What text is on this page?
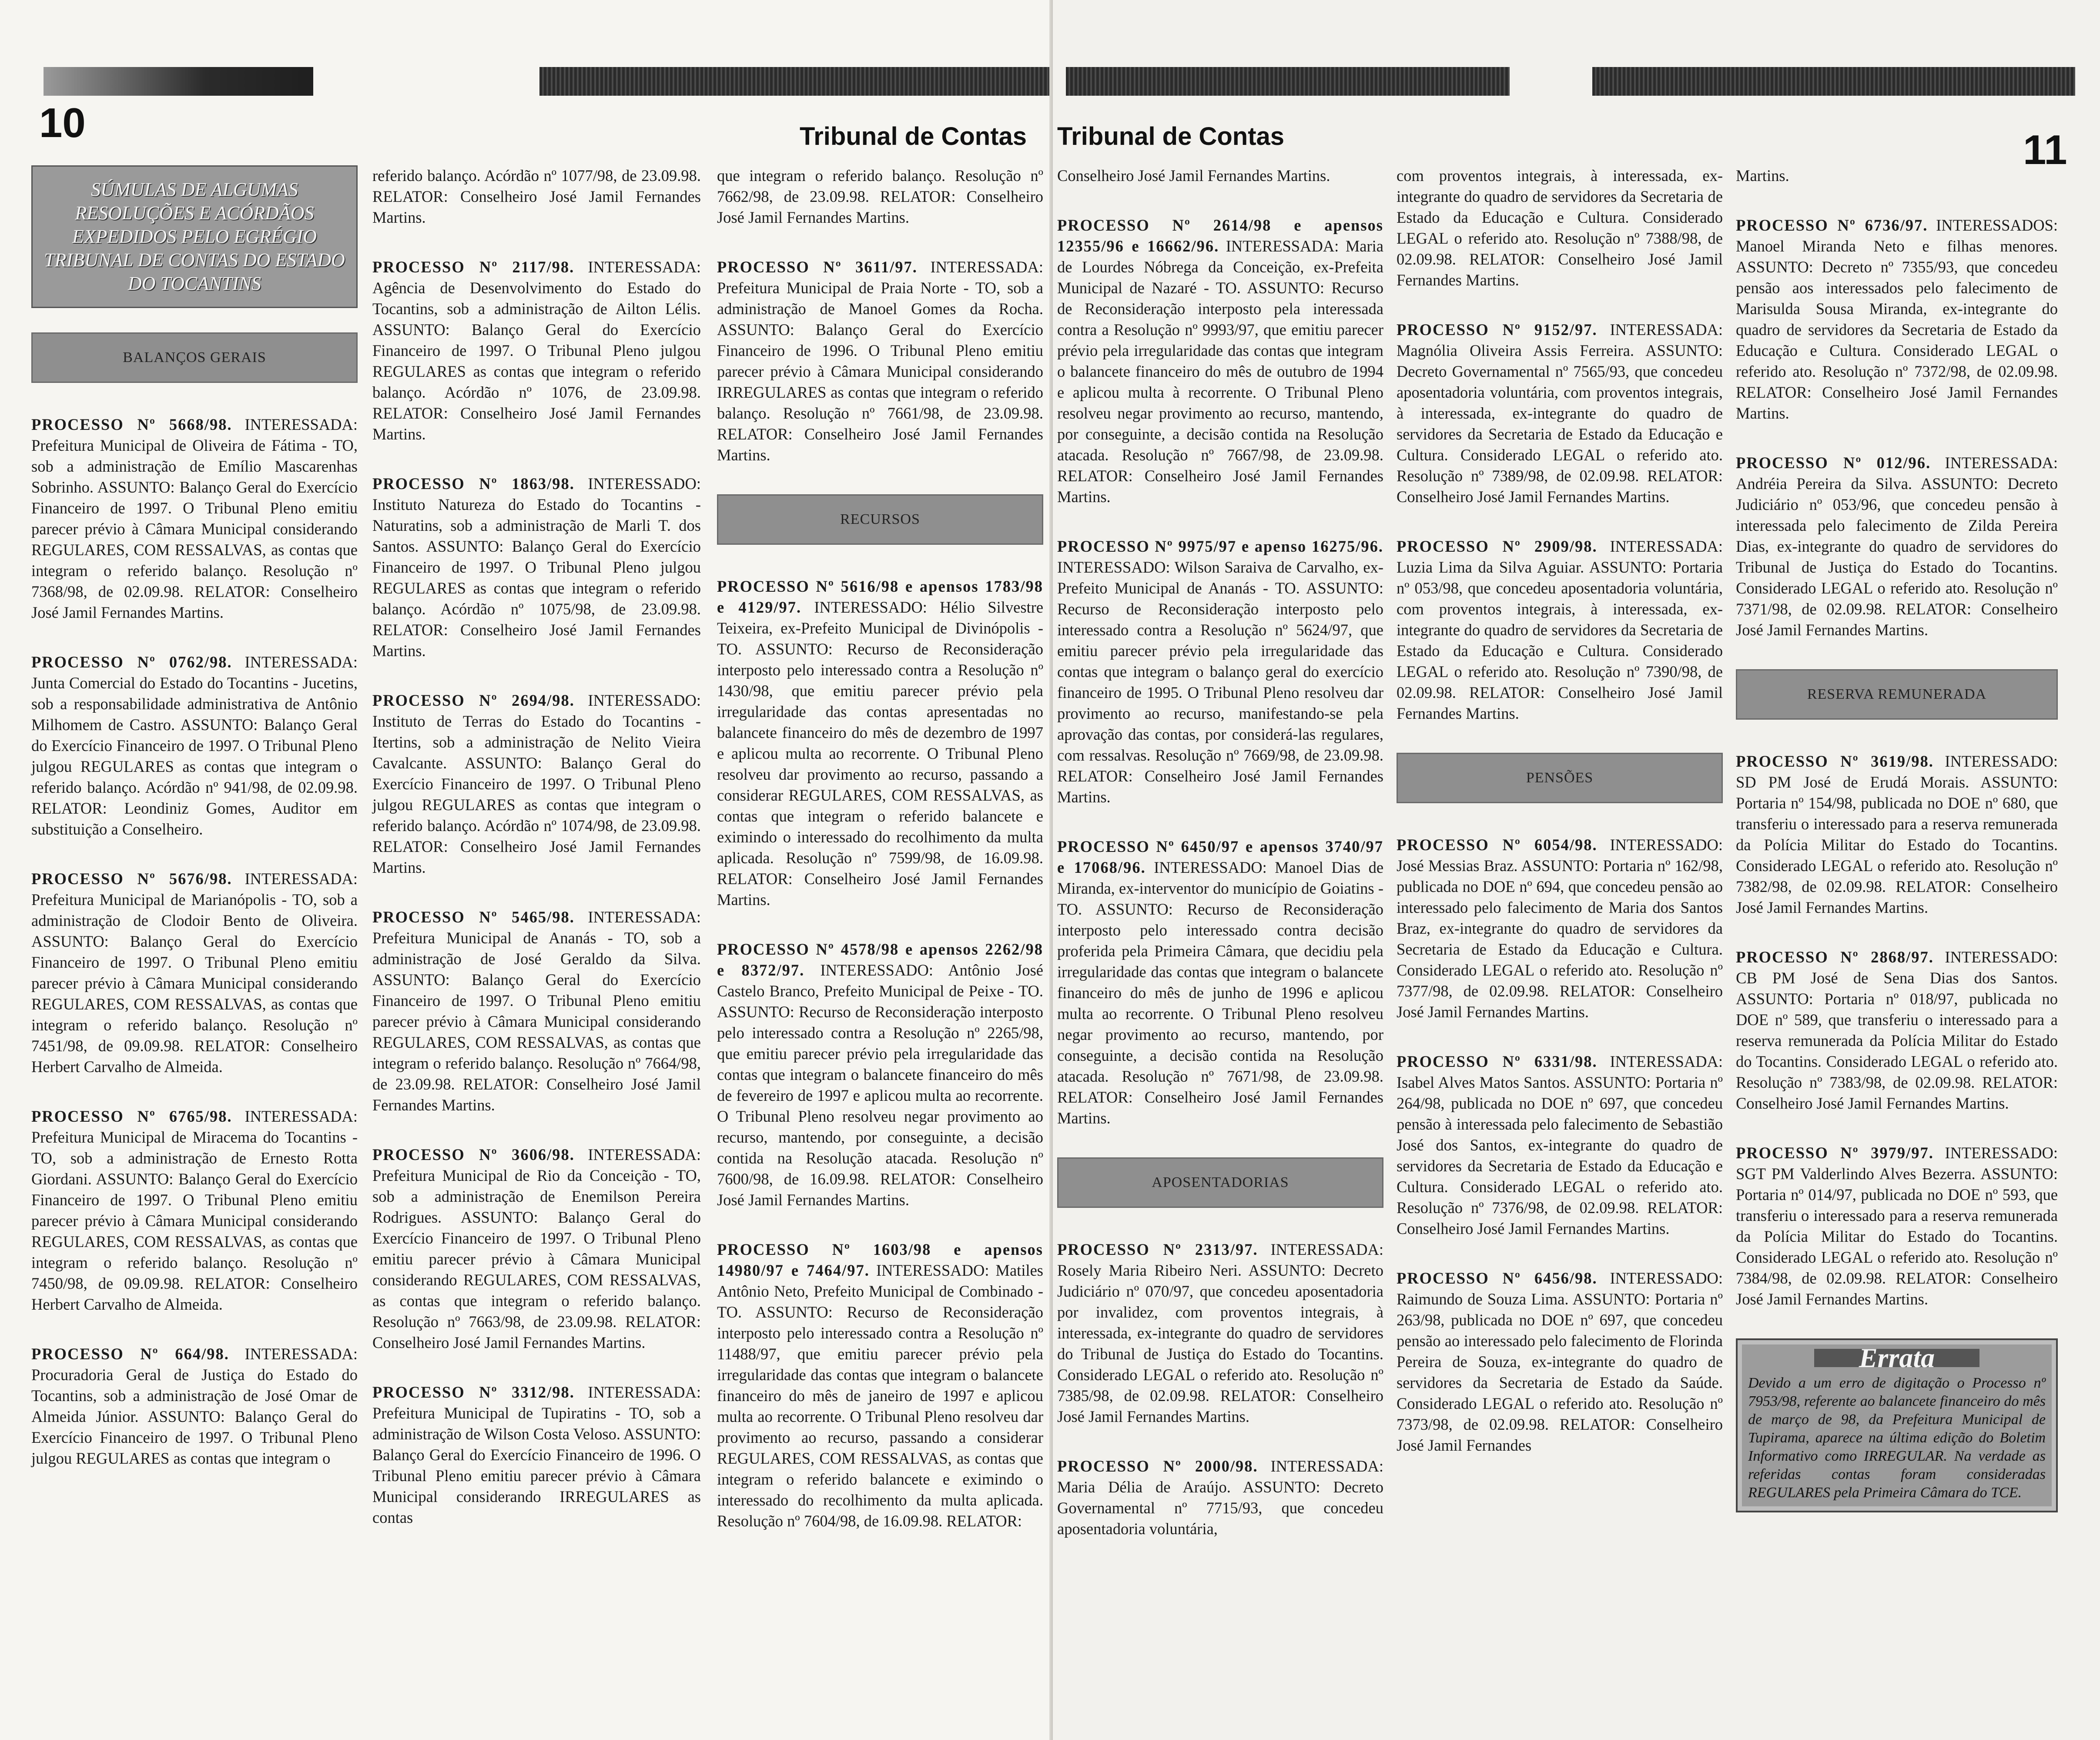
10	Tribunal de Contas
SÚMULAS DE ALGUMAS RESOLUÇÕES E ACÓRDÃOS EXPEDIDOS PELO EGRÉGIO TRIBUNAL DE CONTAS DO ESTADO DO TOCANTINS
BALANÇOS GERAIS

PROCESSO Nº 5668/98. INTERESSADA: Prefeitura Municipal de Oliveira de Fátima - TO, sob a administração de Emílio Mascarenhas Sobrinho. ASSUNTO: Balanço Geral do Exercício Financeiro de 1997. O Tribunal Pleno emitiu parecer prévio à Câmara Municipal considerando REGULARES, COM RESSALVAS, as contas que integram o referido balanço. Resolução nº 7368/98, de 02.09.98. RELATOR: Conselheiro José Jamil Fernandes Martins.

PROCESSO Nº 0762/98. INTERESSADA: Junta Comercial do Estado do Tocantins - Jucetins, sob a responsabilidade administrativa de Antônio Milhomem de Castro. ASSUNTO: Balanço Geral do Exercício Financeiro de 1997. O Tribunal Pleno julgou REGULARES as contas que integram o referido balanço. Acórdão nº 941/98, de 02.09.98. RELATOR: Leondiniz Gomes, Auditor em substituição a Conselheiro.

PROCESSO Nº 5676/98. INTERESSADA: Prefeitura Municipal de Marianópolis - TO, sob a administração de Clodoir Bento de Oliveira. ASSUNTO: Balanço Geral do Exercício Financeiro de 1997. O Tribunal Pleno emitiu parecer prévio à Câmara Municipal considerando REGULARES, COM RESSALVAS, as contas que integram o referido balanço. Resolução nº 7451/98, de 09.09.98. RELATOR: Conselheiro Herbert Carvalho de Almeida.

PROCESSO Nº 6765/98. INTERESSADA: Prefeitura Municipal de Miracema do Tocantins - TO, sob a administração de Ernesto Rotta Giordani. ASSUNTO: Balanço Geral do Exercício Financeiro de 1997. O Tribunal Pleno emitiu parecer prévio à Câmara Municipal considerando REGULARES, COM RESSALVAS, as contas que integram o referido balanço. Resolução nº 7450/98, de 09.09.98. RELATOR: Conselheiro Herbert Carvalho de Almeida.

PROCESSO Nº 664/98. INTERESSADA: Procuradoria Geral de Justiça do Estado do Tocantins, sob a administração de José Omar de Almeida Júnior. ASSUNTO: Balanço Geral do Exercício Financeiro de 1997. O Tribunal Pleno julgou REGULARES as contas que integram o

referido balanço. Acórdão nº 1077/98, de 23.09.98. RELATOR: Conselheiro José Jamil Fernandes Martins.

PROCESSO Nº 2117/98. INTERESSADA: Agência de Desenvolvimento do Estado do Tocantins, sob a administração de Ailton Lélis. ASSUNTO: Balanço Geral do Exercício Financeiro de 1997. O Tribunal Pleno julgou REGULARES as contas que integram o referido balanço. Acórdão nº 1076, de 23.09.98. RELATOR: Conselheiro José Jamil Fernandes Martins.

PROCESSO Nº 1863/98. INTERESSADO: Instituto Natureza do Estado do Tocantins - Naturatins, sob a administração de Marli T. dos Santos. ASSUNTO: Balanço Geral do Exercício Financeiro de 1997. O Tribunal Pleno julgou REGULARES as contas que integram o referido balanço. Acórdão nº 1075/98, de 23.09.98. RELATOR: Conselheiro José Jamil Fernandes Martins.

PROCESSO Nº 2694/98. INTERESSADO: Instituto de Terras do Estado do Tocantins - Itertins, sob a administração de Nelito Vieira Cavalcante. ASSUNTO: Balanço Geral do Exercício Financeiro de 1997. O Tribunal Pleno julgou REGULARES as contas que integram o referido balanço. Acórdão nº 1074/98, de 23.09.98. RELATOR: Conselheiro José Jamil Fernandes Martins.

PROCESSO Nº 5465/98. INTERESSADA: Prefeitura Municipal de Ananás - TO, sob a administração de José Geraldo da Silva. ASSUNTO: Balanço Geral do Exercício Financeiro de 1997. O Tribunal Pleno emitiu parecer prévio à Câmara Municipal considerando REGULARES, COM RESSALVAS, as contas que integram o referido balanço. Resolução nº 7664/98, de 23.09.98. RELATOR: Conselheiro José Jamil Fernandes Martins.

PROCESSO Nº 3606/98. INTERESSADA: Prefeitura Municipal de Rio da Conceição - TO, sob a administração de Enemilson Pereira Rodrigues. ASSUNTO: Balanço Geral do Exercício Financeiro de 1997. O Tribunal Pleno emitiu parecer prévio à Câmara Municipal considerando REGULARES, COM RESSALVAS, as contas que integram o referido balanço. Resolução nº 7663/98, de 23.09.98. RELATOR: Conselheiro José Jamil Fernandes Martins.

PROCESSO Nº 3312/98. INTERESSADA: Prefeitura Municipal de Tupiratins - TO, sob a administração de Wilson Costa Veloso. ASSUNTO: Balanço Geral do Exercício Financeiro de 1996. O Tribunal Pleno emitiu parecer prévio à Câmara Municipal considerando IRREGULARES as contas

que integram o referido balanço. Resolução nº 7662/98, de 23.09.98. RELATOR: Conselheiro José Jamil Fernandes Martins.

PROCESSO Nº 3611/97. INTERESSADA: Prefeitura Municipal de Praia Norte - TO, sob a administração de Manoel Gomes da Rocha. ASSUNTO: Balanço Geral do Exercício Financeiro de 1996. O Tribunal Pleno emitiu parecer prévio à Câmara Municipal considerando IRREGULARES as contas que integram o referido balanço. Resolução nº 7661/98, de 23.09.98. RELATOR: Conselheiro José Jamil Fernandes Martins.

RECURSOS

PROCESSO Nº 5616/98 e apensos 1783/98 e 4129/97. INTERESSADO: Hélio Silvestre Teixeira, ex-Prefeito Municipal de Divinópolis - TO. ASSUNTO: Recurso de Reconsideração interposto pelo interessado contra a Resolução nº 1430/98, que emitiu parecer prévio pela irregularidade das contas apresentadas no balancete financeiro do mês de dezembro de 1997 e aplicou multa ao recorrente. O Tribunal Pleno resolveu dar provimento ao recurso, passando a considerar REGULARES, COM RESSALVAS, as contas que integram o referido balancete e eximindo o interessado do recolhimento da multa aplicada. Resolução nº 7599/98, de 16.09.98. RELATOR: Conselheiro José Jamil Fernandes Martins.

PROCESSO Nº 4578/98 e apensos 2262/98 e 8372/97. INTERESSADO: Antônio José Castelo Branco, Prefeito Municipal de Peixe - TO. ASSUNTO: Recurso de Reconsideração interposto pelo interessado contra a Resolução nº 2265/98, que emitiu parecer prévio pela irregularidade das contas que integram o balancete financeiro do mês de fevereiro de 1997 e aplicou multa ao recorrente. O Tribunal Pleno resolveu negar provimento ao recurso, mantendo, por conseguinte, a decisão contida na Resolução atacada. Resolução nº 7600/98, de 16.09.98. RELATOR: Conselheiro José Jamil Fernandes Martins.

PROCESSO Nº 1603/98 e apensos 14980/97 e 7464/97. INTERESSADO: Matiles Antônio Neto, Prefeito Municipal de Combinado - TO. ASSUNTO: Recurso de Reconsideração interposto pelo interessado contra a Resolução nº 11488/97, que emitiu parecer prévio pela irregularidade das contas que integram o balancete financeiro do mês de janeiro de 1997 e aplicou multa ao recorrente. O Tribunal Pleno resolveu dar provimento ao recurso, passando a considerar REGULARES, COM RESSALVAS, as contas que integram o referido balancete e eximindo o interessado do recolhimento da multa aplicada. Resolução nº 7604/98, de 16.09.98. RELATOR:

Tribunal de Contas	11

Conselheiro José Jamil Fernandes Martins.

PROCESSO Nº 2614/98 e apensos 12355/96 e 16662/96. INTERESSADA: Maria de Lourdes Nóbrega da Conceição, ex-Prefeita Municipal de Nazaré - TO. ASSUNTO: Recurso de Reconsideração interposto pela interessada contra a Resolução nº 9993/97, que emitiu parecer prévio pela irregularidade das contas que integram o balancete financeiro do mês de outubro de 1994 e aplicou multa à recorrente. O Tribunal Pleno resolveu negar provimento ao recurso, mantendo, por conseguinte, a decisão contida na Resolução atacada. Resolução nº 7667/98, de 23.09.98. RELATOR: Conselheiro José Jamil Fernandes Martins.

PROCESSO Nº 9975/97 e apenso 16275/96. INTERESSADO: Wilson Saraiva de Carvalho, ex-Prefeito Municipal de Ananás - TO. ASSUNTO: Recurso de Reconsideração interposto pelo interessado contra a Resolução nº 5624/97, que emitiu parecer prévio pela irregularidade das contas que integram o balanço geral do exercício financeiro de 1995. O Tribunal Pleno resolveu dar provimento ao recurso, manifestando-se pela aprovação das contas, por considerá-las regulares, com ressalvas. Resolução nº 7669/98, de 23.09.98. RELATOR: Conselheiro José Jamil Fernandes Martins.

PROCESSO Nº 6450/97 e apensos 3740/97 e 17068/96. INTERESSADO: Manoel Dias de Miranda, ex-interventor do município de Goiatins - TO. ASSUNTO: Recurso de Reconsideração interposto pelo interessado contra decisão proferida pela Primeira Câmara, que decidiu pela irregularidade das contas que integram o balancete financeiro do mês de junho de 1996 e aplicou multa ao recorrente. O Tribunal Pleno resolveu negar provimento ao recurso, mantendo, por conseguinte, a decisão contida na Resolução atacada. Resolução nº 7671/98, de 23.09.98. RELATOR: Conselheiro José Jamil Fernandes Martins.

APOSENTADORIAS

PROCESSO Nº 2313/97. INTERESSADA: Rosely Maria Ribeiro Neri. ASSUNTO: Decreto Judiciário nº 070/97, que concedeu aposentadoria por invalidez, com proventos integrais, à interessada, ex-integrante do quadro de servidores do Tribunal de Justiça do Estado do Tocantins. Considerado LEGAL o referido ato. Resolução nº 7385/98, de 02.09.98. RELATOR: Conselheiro José Jamil Fernandes Martins.

PROCESSO Nº 2000/98. INTERESSADA: Maria Délia de Araújo. ASSUNTO: Decreto Governamental nº 7715/93, que concedeu aposentadoria voluntária,

com proventos integrais, à interessada, ex-integrante do quadro de servidores da Secretaria de Estado da Educação e Cultura. Considerado LEGAL o referido ato. Resolução nº 7388/98, de 02.09.98. RELATOR: Conselheiro José Jamil Fernandes Martins.

PROCESSO Nº 9152/97. INTERESSADA: Magnólia Oliveira Assis Ferreira. ASSUNTO: Decreto Governamental nº 7565/93, que concedeu aposentadoria voluntária, com proventos integrais, à interessada, ex-integrante do quadro de servidores da Secretaria de Estado da Educação e Cultura. Considerado LEGAL o referido ato. Resolução nº 7389/98, de 02.09.98. RELATOR: Conselheiro José Jamil Fernandes Martins.

PROCESSO Nº 2909/98. INTERESSADA: Luzia Lima da Silva Aguiar. ASSUNTO: Portaria nº 053/98, que concedeu aposentadoria voluntária, com proventos integrais, à interessada, ex-integrante do quadro de servidores da Secretaria de Estado da Educação e Cultura. Considerado LEGAL o referido ato. Resolução nº 7390/98, de 02.09.98. RELATOR: Conselheiro José Jamil Fernandes Martins.

PENSÕES

PROCESSO Nº 6054/98. INTERESSADO: José Messias Braz. ASSUNTO: Portaria nº 162/98, publicada no DOE nº 694, que concedeu pensão ao interessado pelo falecimento de Maria dos Santos Braz, ex-integrante do quadro de servidores da Secretaria de Estado da Educação e Cultura. Considerado LEGAL o referido ato. Resolução nº 7377/98, de 02.09.98. RELATOR: Conselheiro José Jamil Fernandes Martins.

PROCESSO Nº 6331/98. INTERESSADA: Isabel Alves Matos Santos. ASSUNTO: Portaria nº 264/98, publicada no DOE nº 697, que concedeu pensão à interessada pelo falecimento de Sebastião José dos Santos, ex-integrante do quadro de servidores da Secretaria de Estado da Educação e Cultura. Considerado LEGAL o referido ato. Resolução nº 7376/98, de 02.09.98. RELATOR: Conselheiro José Jamil Fernandes Martins.

PROCESSO Nº 6456/98. INTERESSADO: Raimundo de Souza Lima. ASSUNTO: Portaria nº 263/98, publicada no DOE nº 697, que concedeu pensão ao interessado pelo falecimento de Florinda Pereira de Souza, ex-integrante do quadro de servidores da Secretaria de Estado da Saúde. Considerado LEGAL o referido ato. Resolução nº 7373/98, de 02.09.98. RELATOR: Conselheiro José Jamil Fernandes

Martins.

PROCESSO Nº 6736/97. INTERESSADOS: Manoel Miranda Neto e filhas menores. ASSUNTO: Decreto nº 7355/93, que concedeu pensão aos interessados pelo falecimento de Marisulda Sousa Miranda, ex-integrante do quadro de servidores da Secretaria de Estado da Educação e Cultura. Considerado LEGAL o referido ato. Resolução nº 7372/98, de 02.09.98. RELATOR: Conselheiro José Jamil Fernandes Martins.

PROCESSO Nº 012/96. INTERESSADA: Andréia Pereira da Silva. ASSUNTO: Decreto Judiciário nº 053/96, que concedeu pensão à interessada pelo falecimento de Zilda Pereira Dias, ex-integrante do quadro de servidores do Tribunal de Justiça do Estado do Tocantins. Considerado LEGAL o referido ato. Resolução nº 7371/98, de 02.09.98. RELATOR: Conselheiro José Jamil Fernandes Martins.

RESERVA REMUNERADA

PROCESSO Nº 3619/98. INTERESSADO: SD PM José de Erudá Morais. ASSUNTO: Portaria nº 154/98, publicada no DOE nº 680, que transferiu o interessado para a reserva remunerada da Polícia Militar do Estado do Tocantins. Considerado LEGAL o referido ato. Resolução nº 7382/98, de 02.09.98. RELATOR: Conselheiro José Jamil Fernandes Martins.

PROCESSO Nº 2868/97. INTERESSADO: CB PM José de Sena Dias dos Santos. ASSUNTO: Portaria nº 018/97, publicada no DOE nº 589, que transferiu o interessado para a reserva remunerada da Polícia Militar do Estado do Tocantins. Considerado LEGAL o referido ato. Resolução nº 7383/98, de 02.09.98. RELATOR: Conselheiro José Jamil Fernandes Martins.

PROCESSO Nº 3979/97. INTERESSADO: SGT PM Valderlindo Alves Bezerra. ASSUNTO: Portaria nº 014/97, publicada no DOE nº 593, que transferiu o interessado para a reserva remunerada da Polícia Militar do Estado do Tocantins. Considerado LEGAL o referido ato. Resolução nº 7384/98, de 02.09.98. RELATOR: Conselheiro José Jamil Fernandes Martins.

Errata
Devido a um erro de digitação o Processo nº 7953/98, referente ao balancete financeiro do mês de março de 98, da Prefeitura Municipal de Tupirama, aparece na última edição do Boletim Informativo como IRREGULAR. Na verdade as referidas contas foram consideradas REGULARES pela Primeira Câmara do TCE.
